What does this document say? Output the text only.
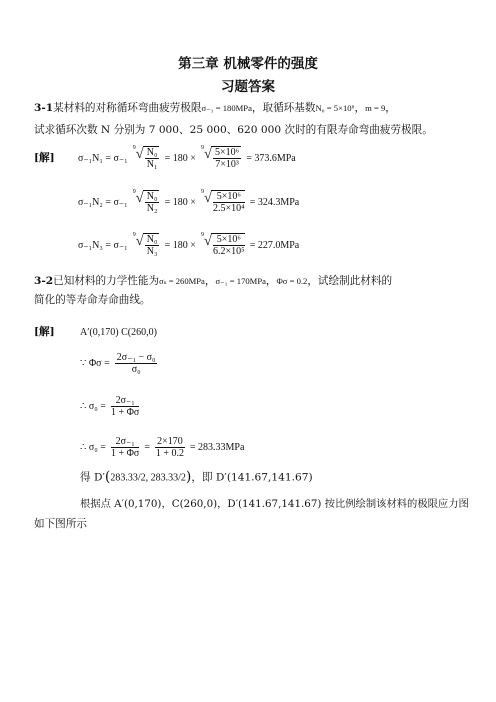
第三章 机械零件的强度
习题答案
3-1某材料的对称循环弯曲疲劳极限σ₋₁ = 180MPa，取循环基数N₀ = 5×10⁶，m = 9，
试求循环次数 N 分别为 7 000、25 000、620 000 次时的有限寿命弯曲疲劳极限。
[解] σ₋₁N₁ = σ₋₁
9 √ $\frac{\text{N₀}}{\text{N₁}} = 180$ ×
9 √ $\frac{\text{5×10⁶}}{\text{7×10³}} = 373.6MPa$
σ₋₁N₂ = σ₋₁
9 √ $\frac{\text{N₀}}{\text{N₂}} = 180$ ×
9 √ $\frac{\text{5×10⁶}}{\text{2.5×10⁴}} = 324.3MPa$
σ₋₁N₃ = σ₋₁
9 √ $\frac{\text{N₀}}{\text{N₃}} = 180$ ×
9 √ $\frac{\text{5×10⁶}}{\text{6.2×10⁵}} = 227.0MPa$
3-2已知材料的力学性能为σₛ = 260MPa，σ₋₁ = 170MPa，Φσ = 0.2，试绘制此材料的
简化的等寿命寿命曲线。
[解]	A′(0,170) C(260,0)
∵ $\Phi\sigma = \frac{\text{2σ₋₁ − σ₀}}{\text{σ₀}}$
∴ $\sigma_0 = \frac{\text{2σ₋₁}}{1 + \Phi\sigma}$
∴ $\sigma_0 = \frac{\text{2σ₋₁}}{1 + \Phi\sigma} = \frac{2\times 170}{1 + 0.2} = 283.33MPa$
得 D′(283.33/2, 283.33/2)，即 D′(141.67,141.67)
根据点 A′(0,170)，C(260,0)，D′(141.67,141.67) 按比例绘制该材料的极限应力图
如下图所示
